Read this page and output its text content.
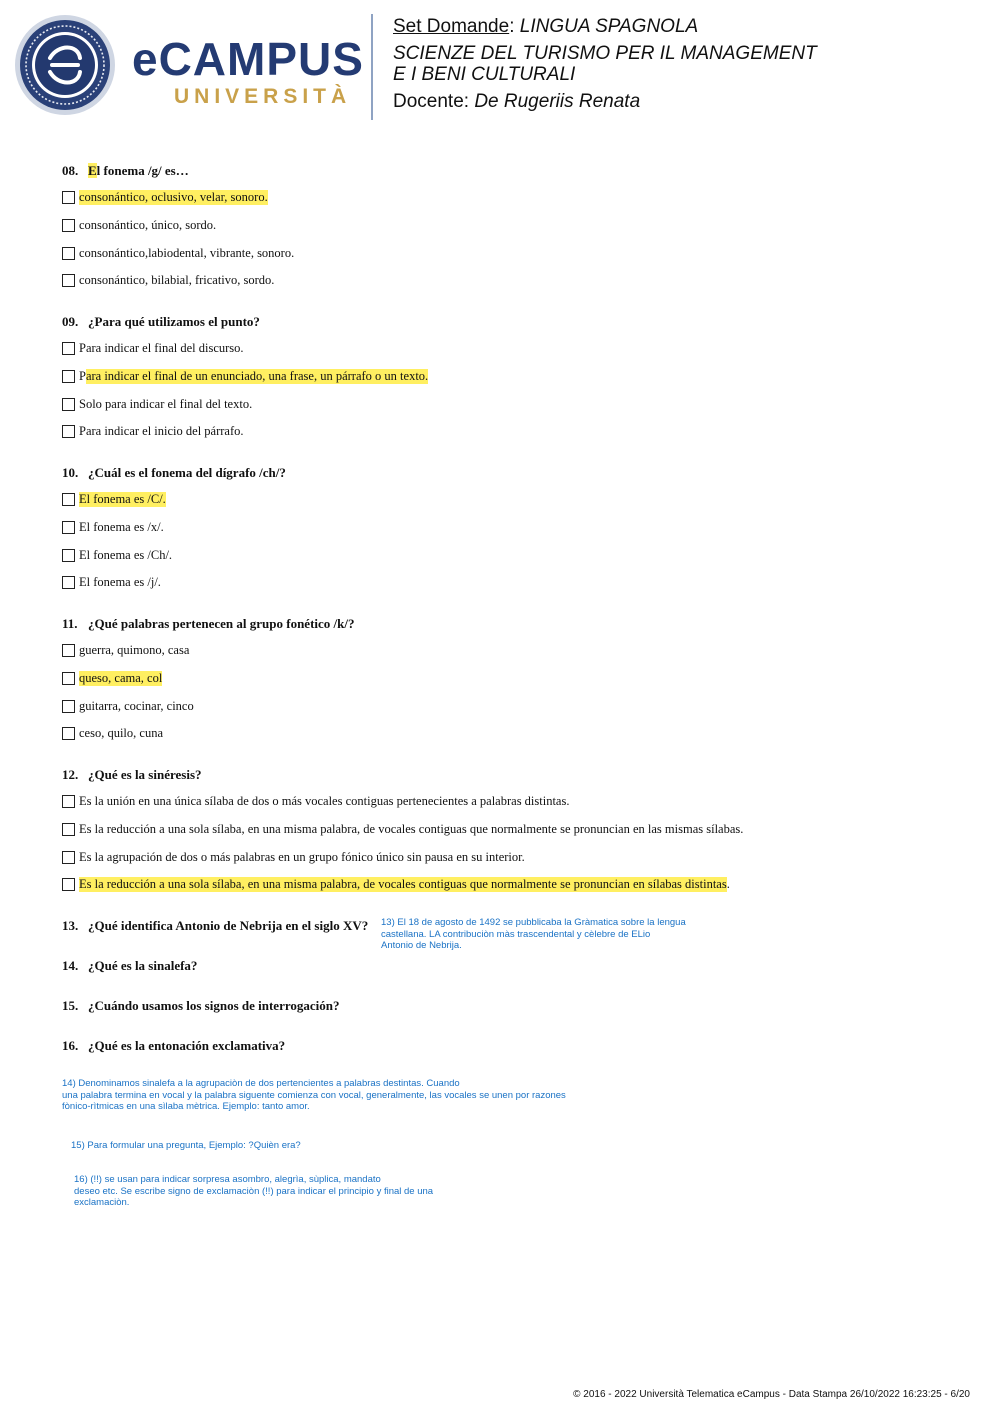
eCAMPUS
UNIVERSITÀ
Set Domande: LINGUA SPAGNOLA
SCIENZE DEL TURISMO PER IL MANAGEMENT
E I BENI CULTURALI
Docente: De Rugeriis Renata
08. El fonema /g/ es…
consonántico, oclusivo, velar, sonoro.
consonántico, único, sordo.
consonántico,labiodental, vibrante, sonoro.
consonántico, bilabial, fricativo, sordo.
09. ¿Para qué utilizamos el punto?
Para indicar el final del discurso.
P ara indicar el final de un enunciado, una frase, un párrafo o un texto.
Solo para indicar el final del texto.
Para indicar el inicio del párrafo.
10. ¿Cuál es el fonema del dígrafo /ch/?
El fonema es /C/.
El fonema es /x/.
El fonema es /Ch/.
El fonema es /j/.
11. ¿Qué palabras pertenecen al grupo fonético /k/?
guerra, quimono, casa
queso, cama, col
guitarra, cocinar, cinco
ceso, quilo, cuna
12. ¿Qué es la sinéresis?
Es la unión en una única sílaba de dos o más vocales contiguas pertenecientes a palabras distintas.
Es la reducción a una sola sílaba, en una misma palabra, de vocales contiguas que normalmente se pronuncian en las mismas sílabas.
Es la agrupación de dos o más palabras en un grupo fónico único sin pausa en su interior.
Es la reducción a una sola sílaba, en una misma palabra, de vocales contiguas que normalmente se pronuncian en sílabas distintas .
13. ¿Qué identifica Antonio de Nebrija en el siglo XV?
14. ¿Qué es la sinalefa?
15. ¿Cuándo usamos los signos de interrogación?
16. ¿Qué es la entonación exclamativa?
13) El 18 de agosto de 1492 se pubblicaba la Gràmatica sobre la lengua
castellana. LA contribuciòn màs trascendental y cèlebre de ELio
Antonio de Nebrija.
14) Denominamos sinalefa a la agrupaciòn de dos pertencientes a palabras destintas. Cuando
una palabra termina en vocal y la palabra siguente comienza con vocal, generalmente, las vocales se unen por razones
fònico-rìtmicas en una sìlaba mètrica. Ejemplo: tanto amor.
15) Para formular una pregunta, Ejemplo: ?Quièn era?
16) (!!) se usan para indicar sorpresa asombro, alegrìa, sùplica, mandato
deseo etc. Se escribe signo de exclamaciòn (!!) para indicar el principio y final de una
exclamaciòn.
© 2016 - 2022 Università Telematica eCampus - Data Stampa 26/10/2022 16:23:25 - 6/20
